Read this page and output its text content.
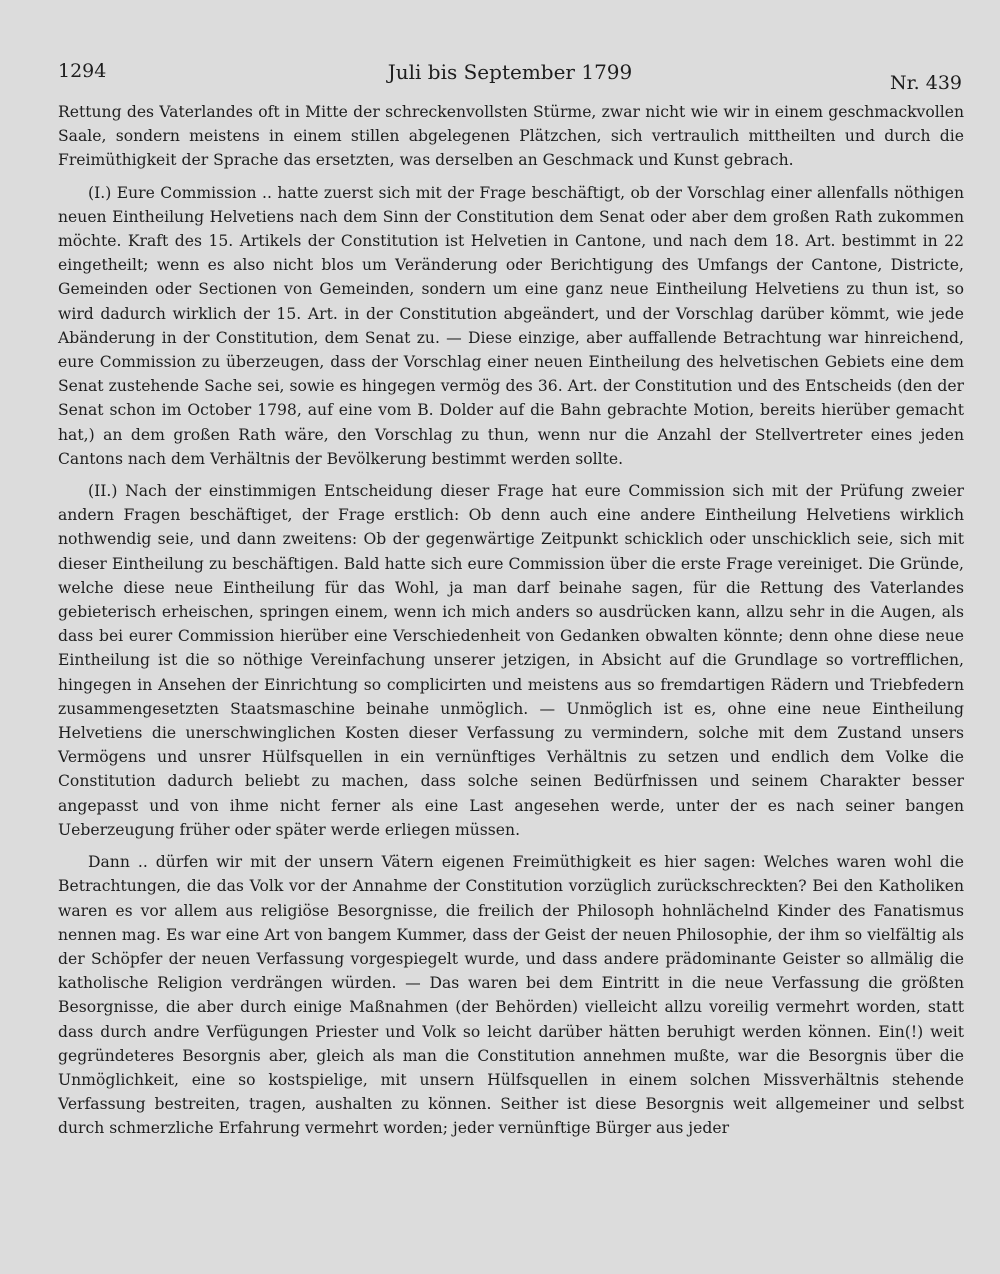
1294	Juli bis September 1799	Nr. 439

Rettung des Vaterlandes oft in Mitte der schreckenvollsten Stürme, zwar nicht wie wir in einem geschmackvollen Saale, sondern meistens in einem stillen abgelegenen Plätzchen, sich vertraulich mittheilten und durch die Freimüthigkeit der Sprache das ersetzten, was derselben an Geschmack und Kunst gebrach.

(I.) Eure Commission .. hatte zuerst sich mit der Frage beschäftigt, ob der Vorschlag einer allenfalls nöthigen neuen Eintheilung Helvetiens nach dem Sinn der Constitution dem Senat oder aber dem großen Rath zukommen möchte. Kraft des 15. Artikels der Constitution ist Helvetien in Cantone, und nach dem 18. Art. bestimmt in 22 eingetheilt; wenn es also nicht blos um Veränderung oder Berichtigung des Umfangs der Cantone, Districte, Gemeinden oder Sectionen von Gemeinden, sondern um eine ganz neue Eintheilung Helvetiens zu thun ist, so wird dadurch wirklich der 15. Art. in der Constitution abgeändert, und der Vorschlag darüber kömmt, wie jede Abänderung in der Constitution, dem Senat zu. — Diese einzige, aber auffallende Betrachtung war hinreichend, eure Commission zu überzeugen, dass der Vorschlag einer neuen Eintheilung des helvetischen Gebiets eine dem Senat zustehende Sache sei, sowie es hingegen vermög des 36. Art. der Constitution und des Entscheids (den der Senat schon im October 1798, auf eine vom B. Dolder auf die Bahn gebrachte Motion, bereits hierüber gemacht hat,) an dem großen Rath wäre, den Vorschlag zu thun, wenn nur die Anzahl der Stellvertreter eines jeden Cantons nach dem Verhältnis der Bevölkerung bestimmt werden sollte.

(II.) Nach der einstimmigen Entscheidung dieser Frage hat eure Commission sich mit der Prüfung zweier andern Fragen beschäftiget, der Frage erstlich: Ob denn auch eine andere Eintheilung Helvetiens wirklich nothwendig seie, und dann zweitens: Ob der gegenwärtige Zeitpunkt schicklich oder unschicklich seie, sich mit dieser Eintheilung zu beschäftigen. Bald hatte sich eure Commission über die erste Frage vereiniget. Die Gründe, welche diese neue Eintheilung für das Wohl, ja man darf beinahe sagen, für die Rettung des Vaterlandes gebieterisch erheischen, springen einem, wenn ich mich anders so ausdrücken kann, allzu sehr in die Augen, als dass bei eurer Commission hierüber eine Verschiedenheit von Gedanken obwalten könnte; denn ohne diese neue Eintheilung ist die so nöthige Vereinfachung unserer jetzigen, in Absicht auf die Grundlage so vortrefflichen, hingegen in Ansehen der Einrichtung so complicirten und meistens aus so fremdartigen Rädern und Triebfedern zusammengesetzten Staatsmaschine beinahe unmöglich. — Unmöglich ist es, ohne eine neue Eintheilung Helvetiens die unerschwinglichen Kosten dieser Verfassung zu vermindern, solche mit dem Zustand unsers Vermögens und unsrer Hülfsquellen in ein vernünftiges Verhältnis zu setzen und endlich dem Volke die Constitution dadurch beliebt zu machen, dass solche seinen Bedürfnissen und seinem Charakter besser angepasst und von ihme nicht ferner als eine Last angesehen werde, unter der es nach seiner bangen Ueberzeugung früher oder später werde erliegen müssen.

Dann .. dürfen wir mit der unsern Vätern eigenen Freimüthigkeit es hier sagen: Welches waren wohl die Betrachtungen, die das Volk vor der Annahme der Constitution vorzüglich zurückschreckten? Bei den Katholiken waren es vor allem aus religiöse Besorgnisse, die freilich der Philosoph hohnlächelnd Kinder des Fanatismus nennen mag. Es war eine Art von bangem Kummer, dass der Geist der neuen Philosophie, der ihm so vielfältig als der Schöpfer der neuen Verfassung vorgespiegelt wurde, und dass andere prädominante Geister so allmälig die katholische Religion verdrängen würden. — Das waren bei dem Eintritt in die neue Verfassung die größten Besorgnisse, die aber durch einige Maßnahmen (der Behörden) vielleicht allzu voreilig vermehrt worden, statt dass durch andre Verfügungen Priester und Volk so leicht darüber hätten beruhigt werden können. Ein(!) weit gegründeteres Besorgnis aber, gleich als man die Constitution annehmen mußte, war die Besorgnis über die Unmöglichkeit, eine so kostspielige, mit unsern Hülfsquellen in einem solchen Missverhältnis stehende Verfassung bestreiten, tragen, aushalten zu können. Seither ist diese Besorgnis weit allgemeiner und selbst durch schmerzliche Erfahrung vermehrt worden; jeder vernünftige Bürger aus jeder
